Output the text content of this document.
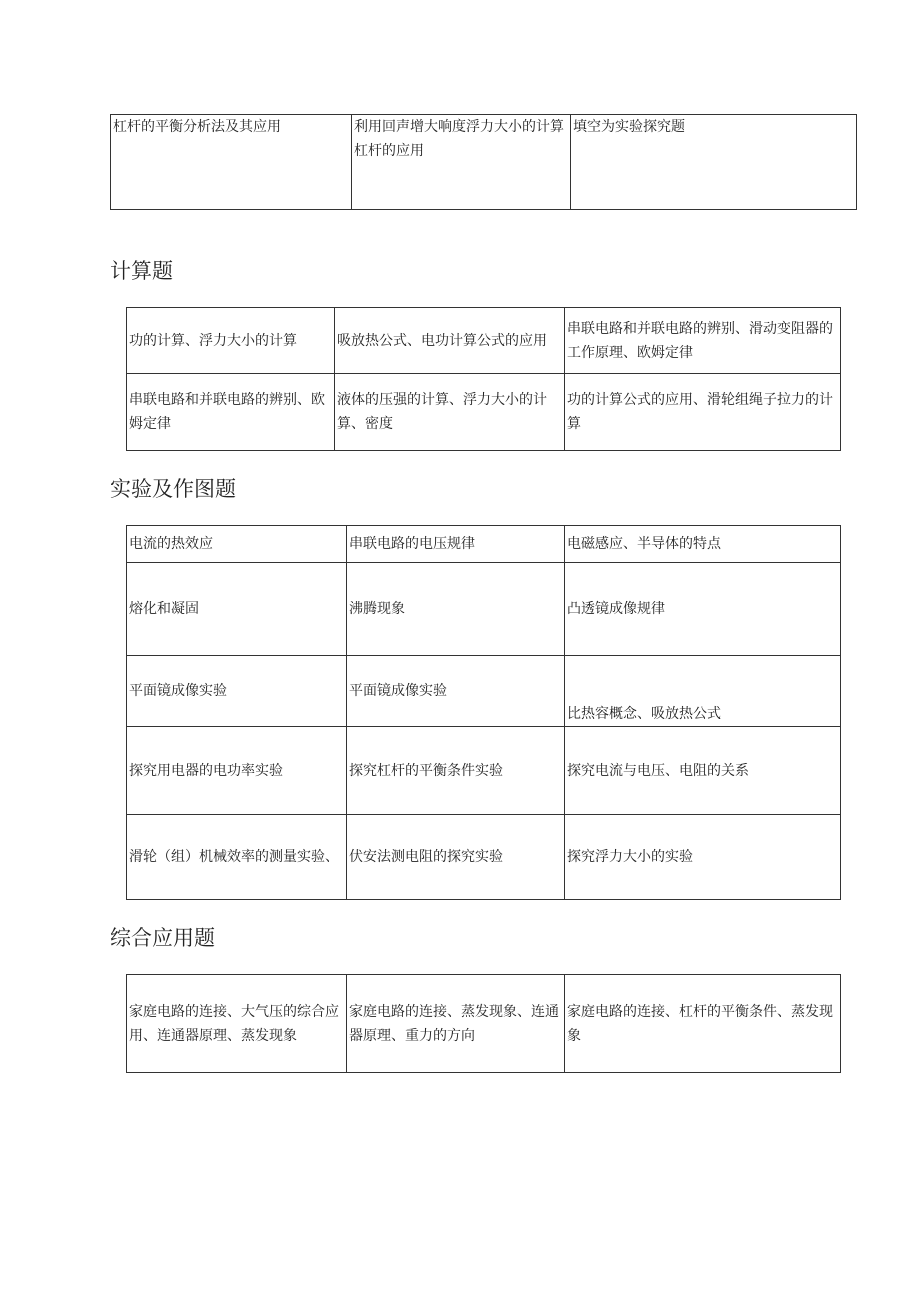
杠杆的平衡分析法及其应用	利用回声增大响度浮力大小的计算杠杆的应用	填空为实验探究题
计算题
功的计算、浮力大小的计算	吸放热公式、电功计算公式的应用	串联电路和并联电路的辨别、滑动变阻器的工作原理、欧姆定律
串联电路和并联电路的辨别、欧姆定律	液体的压强的计算、浮力大小的计算、密度	功的计算公式的应用、滑轮组绳子拉力的计算
实验及作图题
电流的热效应	串联电路的电压规律	电磁感应、半导体的特点
熔化和凝固	沸腾现象	凸透镜成像规律
平面镜成像实验	平面镜成像实验	比热容概念、吸放热公式
探究用电器的电功率实验	探究杠杆的平衡条件实验	探究电流与电压、电阻的关系
滑轮（组）机械效率的测量实验、	伏安法测电阻的探究实验	探究浮力大小的实验
综合应用题
家庭电路的连接、大气压的综合应用、连通器原理、蒸发现象	家庭电路的连接、蒸发现象、连通器原理、重力的方向	家庭电路的连接、杠杆的平衡条件、蒸发现象
